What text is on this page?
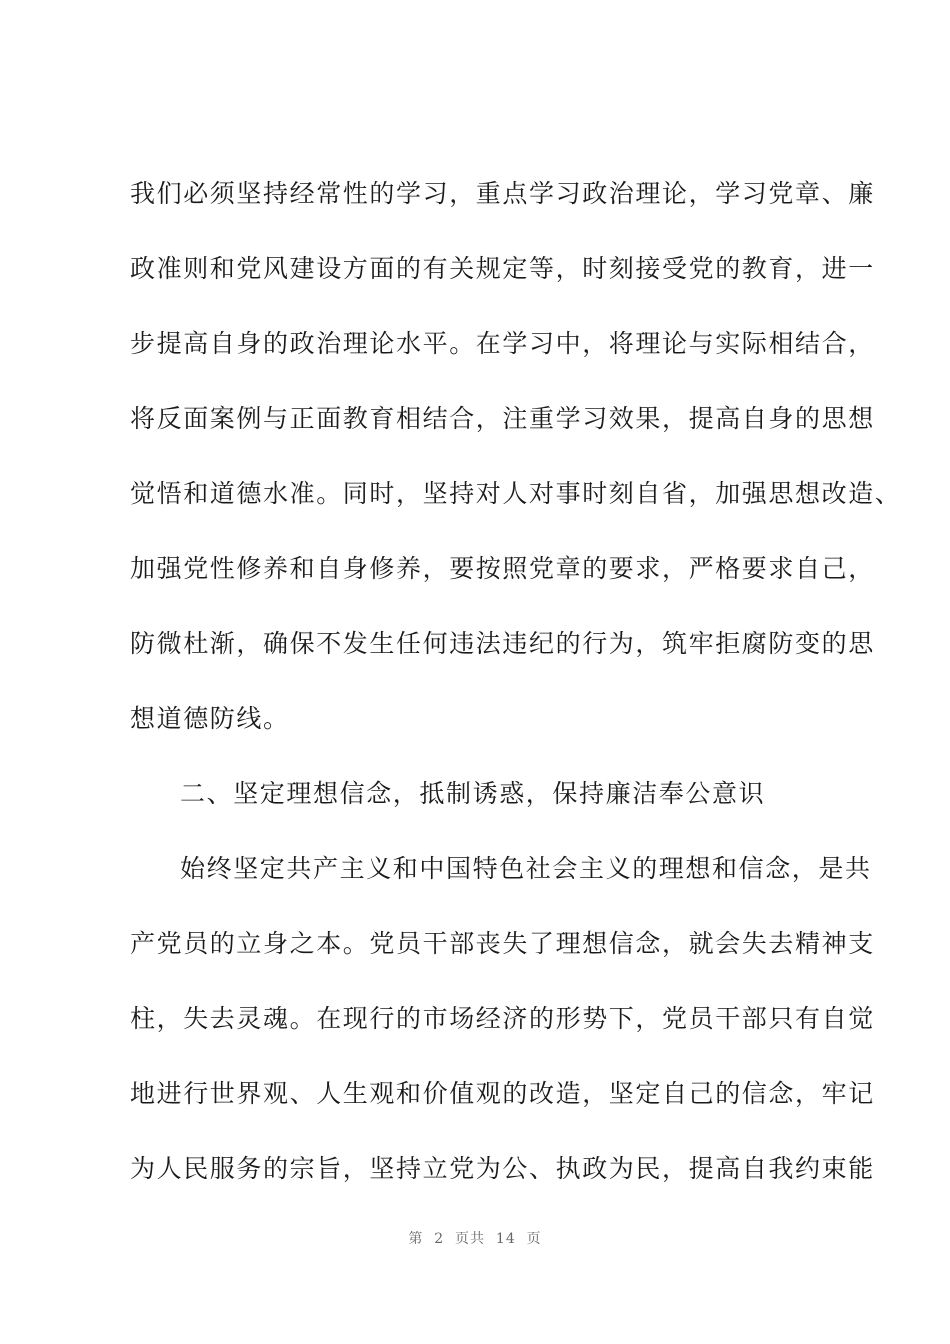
我们必须坚持经常性的学习，重点学习政治理论，学习党章、廉
政准则和党风建设方面的有关规定等，时刻接受党的教育，进一
步提高自身的政治理论水平。在学习中，将理论与实际相结合，
将反面案例与正面教育相结合，注重学习效果，提高自身的思想
觉悟和道德水准。同时，坚持对人对事时刻自省，加强思想改造、
加强党性修养和自身修养，要按照党章的要求，严格要求自己，
防微杜渐，确保不发生任何违法违纪的行为，筑牢拒腐防变的思
想道德防线。
二、坚定理想信念，抵制诱惑，保持廉洁奉公意识
始终坚定共产主义和中国特色社会主义的理想和信念，是共
产党员的立身之本。党员干部丧失了理想信念，就会失去精神支
柱，失去灵魂。在现行的市场经济的形势下，党员干部只有自觉
地进行世界观、人生观和价值观的改造，坚定自己的信念，牢记
为人民服务的宗旨，坚持立党为公、执政为民，提高自我约束能
第  2  页共  14  页
